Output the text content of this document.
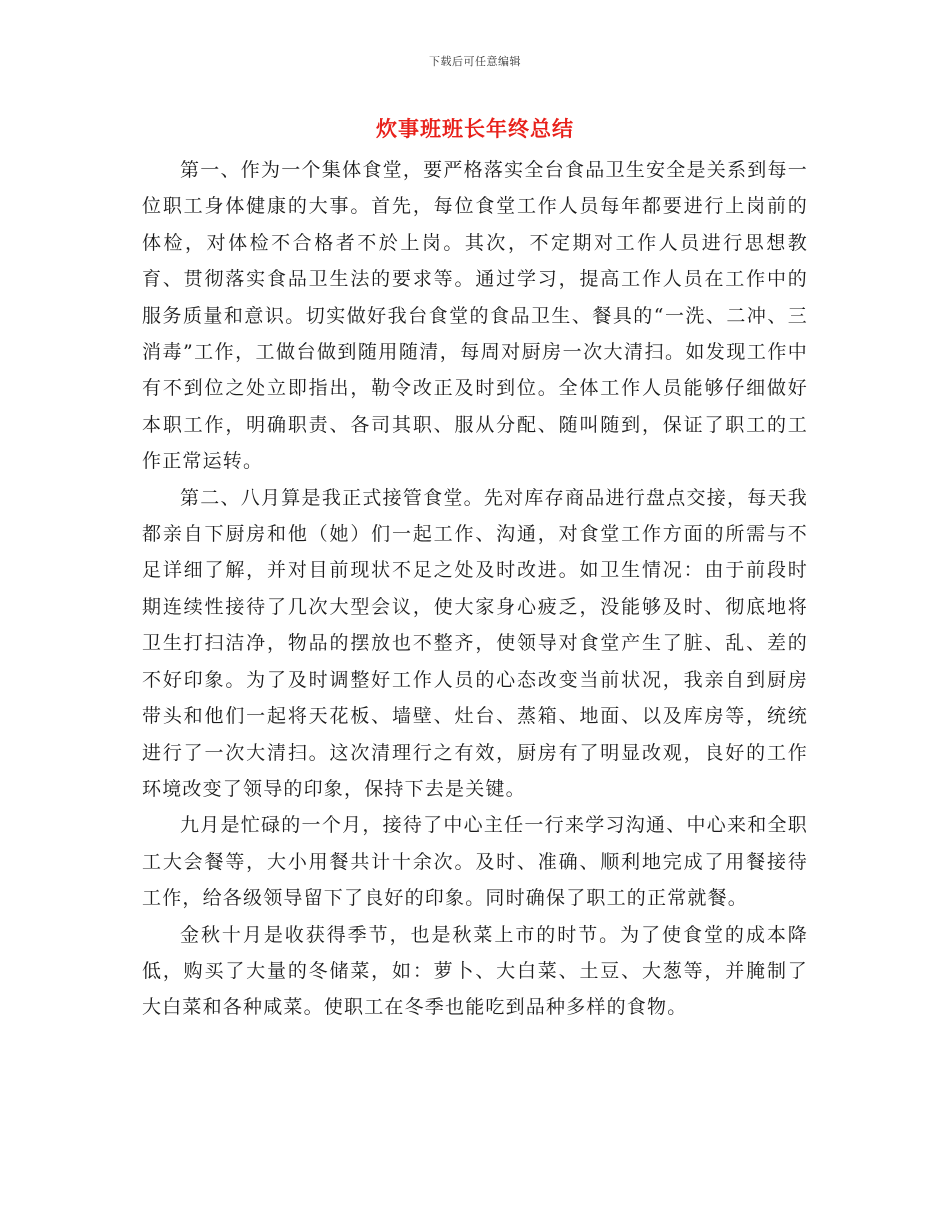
下载后可任意编辑
炊事班班长年终总结

第一、作为一个集体食堂，要严格落实全台食品卫生安全是关系到每一位职工身体健康的大事。首先，每位食堂工作人员每年都要进行上岗前的体检，对体检不合格者不於上岗。其次，不定期对工作人员进行思想教育、贯彻落实食品卫生法的要求等。通过学习，提高工作人员在工作中的服务质量和意识。切实做好我台食堂的食品卫生、餐具的“一洗、二冲、三消毒”工作，工做台做到随用随清，每周对厨房一次大清扫。如发现工作中有不到位之处立即指出，勒令改正及时到位。全体工作人员能够仔细做好本职工作，明确职责、各司其职、服从分配、随叫随到，保证了职工的工作正常运转。

第二、八月算是我正式接管食堂。先对库存商品进行盘点交接，每天我都亲自下厨房和他（她）们一起工作、沟通，对食堂工作方面的所需与不足详细了解，并对目前现状不足之处及时改进。如卫生情况：由于前段时期连续性接待了几次大型会议，使大家身心疲乏，没能够及时、彻底地将卫生打扫洁净，物品的摆放也不整齐，使领导对食堂产生了脏、乱、差的不好印象。为了及时调整好工作人员的心态改变当前状况，我亲自到厨房带头和他们一起将天花板、墙壁、灶台、蒸箱、地面、以及库房等，统统进行了一次大清扫。这次清理行之有效，厨房有了明显改观，良好的工作环境改变了领导的印象，保持下去是关键。

九月是忙碌的一个月，接待了中心主任一行来学习沟通、中心来和全职工大会餐等，大小用餐共计十余次。及时、准确、顺利地完成了用餐接待工作，给各级领导留下了良好的印象。同时确保了职工的正常就餐。

金秋十月是收获得季节，也是秋菜上市的时节。为了使食堂的成本降低，购买了大量的冬储菜，如：萝卜、大白菜、土豆、大葱等，并腌制了大白菜和各种咸菜。使职工在冬季也能吃到品种多样的食物。
